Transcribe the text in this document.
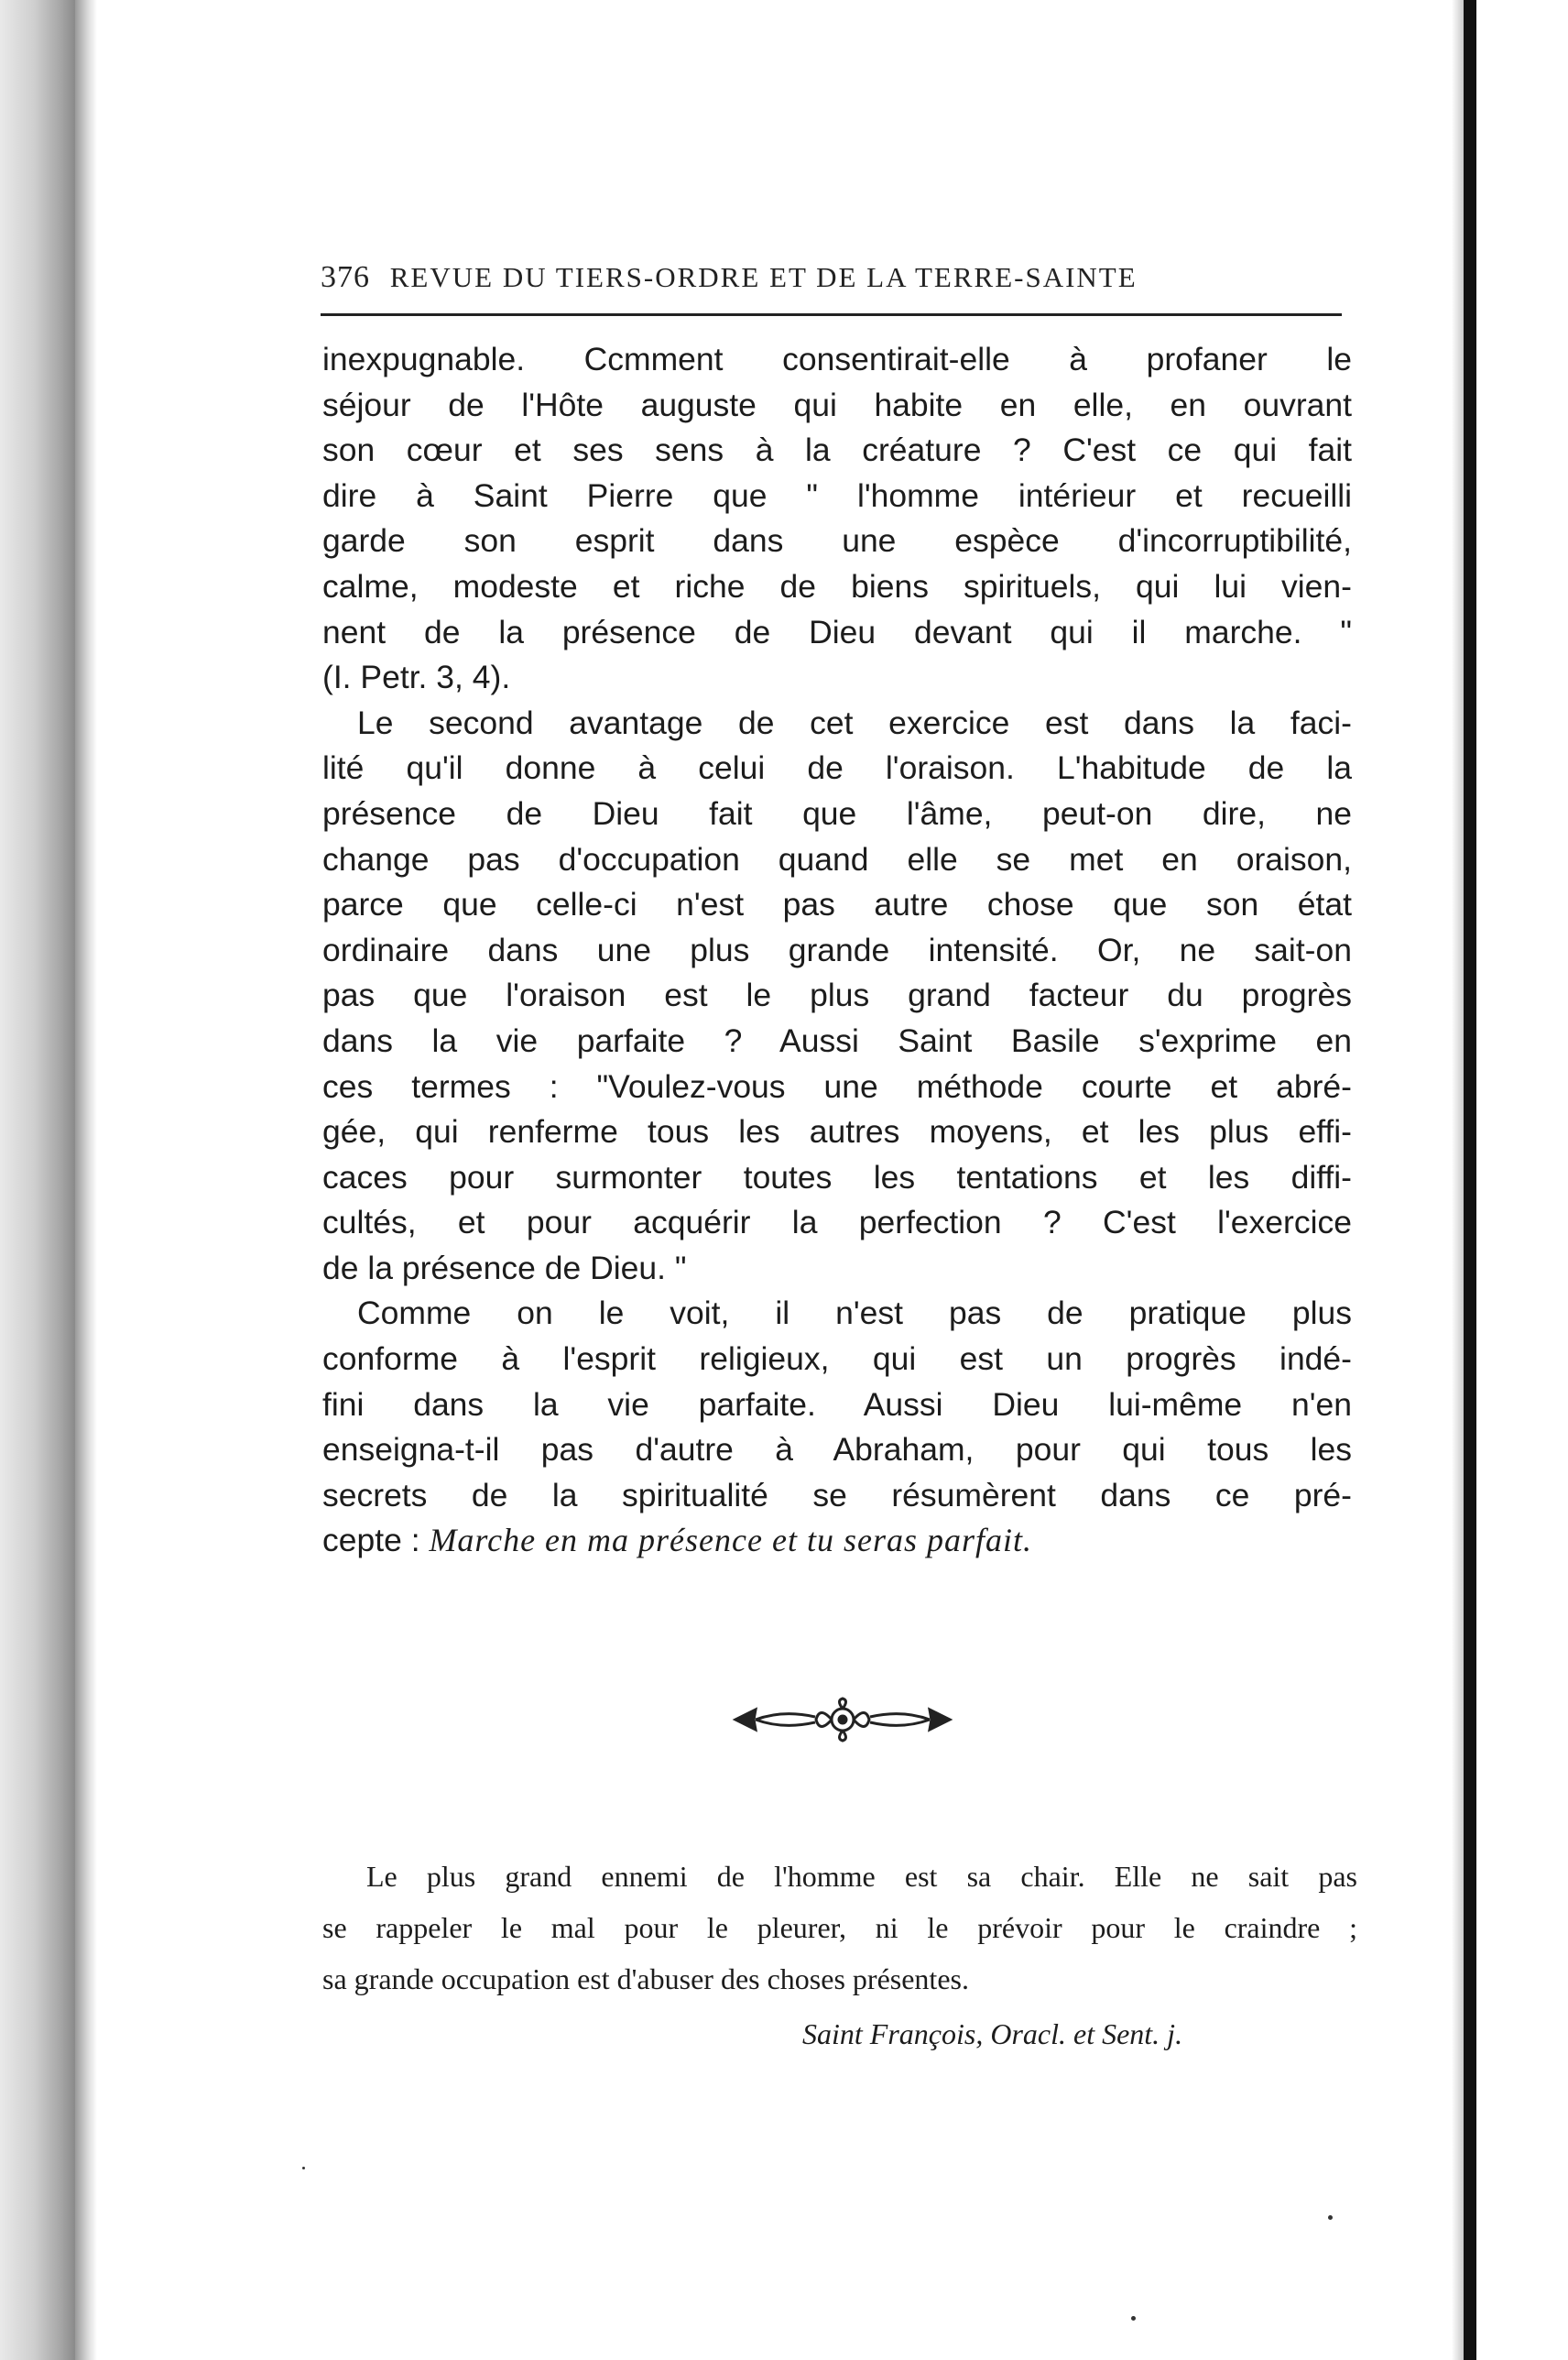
376 REVUE DU TIERS-ORDRE ET DE LA TERRE-SAINTE
inexpugnable. Ccmment consentirait-elle à profaner le
séjour de l'Hôte auguste qui habite en elle, en ouvrant
son cœur et ses sens à la créature ? C'est ce qui fait
dire à Saint Pierre que " l'homme intérieur et recueilli
garde son esprit dans une espèce d'incorruptibilité,
calme, modeste et riche de biens spirituels, qui lui vien-
nent de la présence de Dieu devant qui il marche. "
(I. Petr. 3, 4).
Le second avantage de cet exercice est dans la faci-
lité qu'il donne à celui de l'oraison. L'habitude de la
présence de Dieu fait que l'âme, peut-on dire, ne
change pas d'occupation quand elle se met en oraison,
parce que celle-ci n'est pas autre chose que son état
ordinaire dans une plus grande intensité. Or, ne sait-on
pas que l'oraison est le plus grand facteur du progrès
dans la vie parfaite ? Aussi Saint Basile s'exprime en
ces termes : "Voulez-vous une méthode courte et abré-
gée, qui renferme tous les autres moyens, et les plus effi-
caces pour surmonter toutes les tentations et les diffi-
cultés, et pour acquérir la perfection ? C'est l'exercice
de la présence de Dieu. "
Comme on le voit, il n'est pas de pratique plus
conforme à l'esprit religieux, qui est un progrès indé-
fini dans la vie parfaite. Aussi Dieu lui-même n'en
enseigna-t-il pas d'autre à Abraham, pour qui tous les
secrets de la spiritualité se résumèrent dans ce pré-
cepte : Marche en ma présence et tu seras parfait.
Le plus grand ennemi de l'homme est sa chair. Elle ne sait pas
se rappeler le mal pour le pleurer, ni le prévoir pour le craindre ;
sa grande occupation est d'abuser des choses présentes.
Saint François, Oracl. et Sent. j.
